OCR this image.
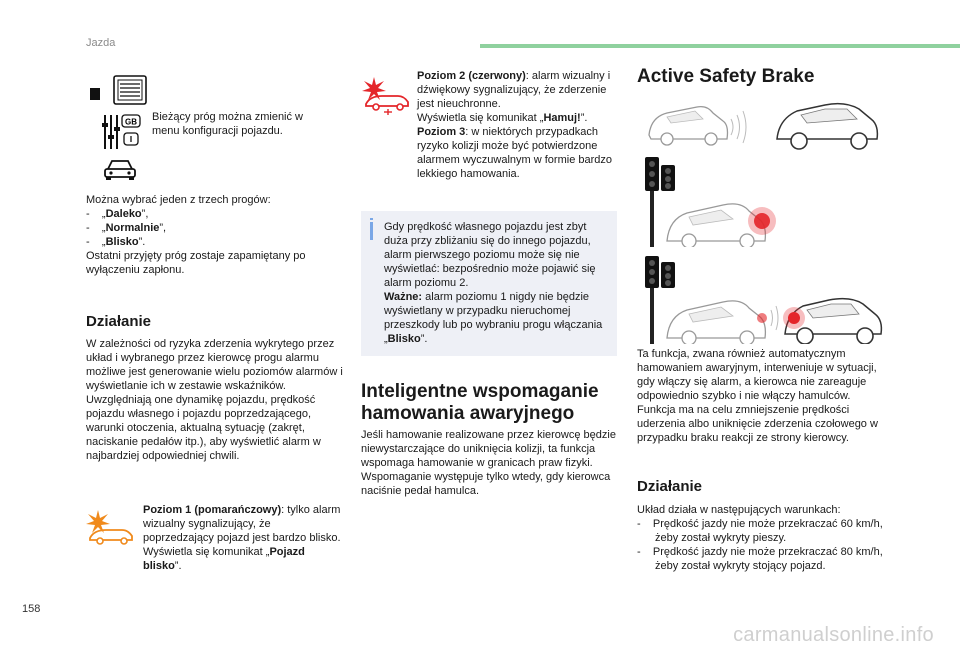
Jazda
GB Bieżący próg można zmienić w menu konfiguracji pojazdu.

Można wybrać jeden z trzech progów:

- „Daleko”,

- „Normalnie”,

- „Blisko”.

Ostatni przyjęty próg zostaje zapamiętany po wyłączeniu zapłonu.

Działanie

W zależności od ryzyka zderzenia wykrytego przez układ i wybranego przez kierowcę progu alarmu możliwe jest generowanie wielu poziomów alarmów i wyświetlanie ich w zestawie wskaźników.

Uwzględniają one dynamikę pojazdu, prędkość pojazdu własnego i pojazdu poprzedzającego, warunki otoczenia, aktualną sytuację (zakręt, naciskanie pedałów itp.), aby wyświetlić alarm w najbardziej odpowiedniej chwili.

Poziom 1 (pomarańczowy): tylko alarm wizualny sygnalizujący, że poprzedzający pojazd jest bardzo blisko.

Wyświetla się komunikat „Pojazd blisko”.

Poziom 2 (czerwony): alarm wizualny i dźwiękowy sygnalizujący, że zderzenie jest nieuchronne.

Wyświetla się komunikat „Hamuj!”.

Poziom 3: w niektórych przypadkach ryzyko kolizji może być potwierdzone alarmem wyczuwalnym w formie bardzo lekkiego hamowania.

Gdy prędkość własnego pojazdu jest zbyt duża przy zbliżaniu się do innego pojazdu, alarm pierwszego poziomu może się nie wyświetlać: bezpośrednio może pojawić się alarm poziomu 2.

Ważne: alarm poziomu 1 nigdy nie będzie wyświetlany w przypadku nieruchomej przeszkody lub po wybraniu progu włączania „Blisko”.

Inteligentne wspomaganie hamowania awaryjnego

Jeśli hamowanie realizowane przez kierowcę będzie niewystarczające do uniknięcia kolizji, ta funkcja wspomaga hamowanie w granicach praw fizyki.

Wspomaganie występuje tylko wtedy, gdy kierowca naciśnie pedał hamulca.

Active Safety Brake

Ta funkcja, zwana również automatycznym hamowaniem awaryjnym, interweniuje w sytuacji, gdy włączy się alarm, a kierowca nie zareaguje odpowiednio szybko i nie włączy hamulców.

Funkcja ma na celu zmniejszenie prędkości uderzenia albo uniknięcie zderzenia czołowego w przypadku braku reakcji ze strony kierowcy.

Działanie

Układ działa w następujących warunkach:

- Prędkość jazdy nie może przekraczać 60 km/h, żeby został wykryty pieszy.

- Prędkość jazdy nie może przekraczać 80 km/h, żeby został wykryty stojący pojazd.

158
carmanualsonline.info
